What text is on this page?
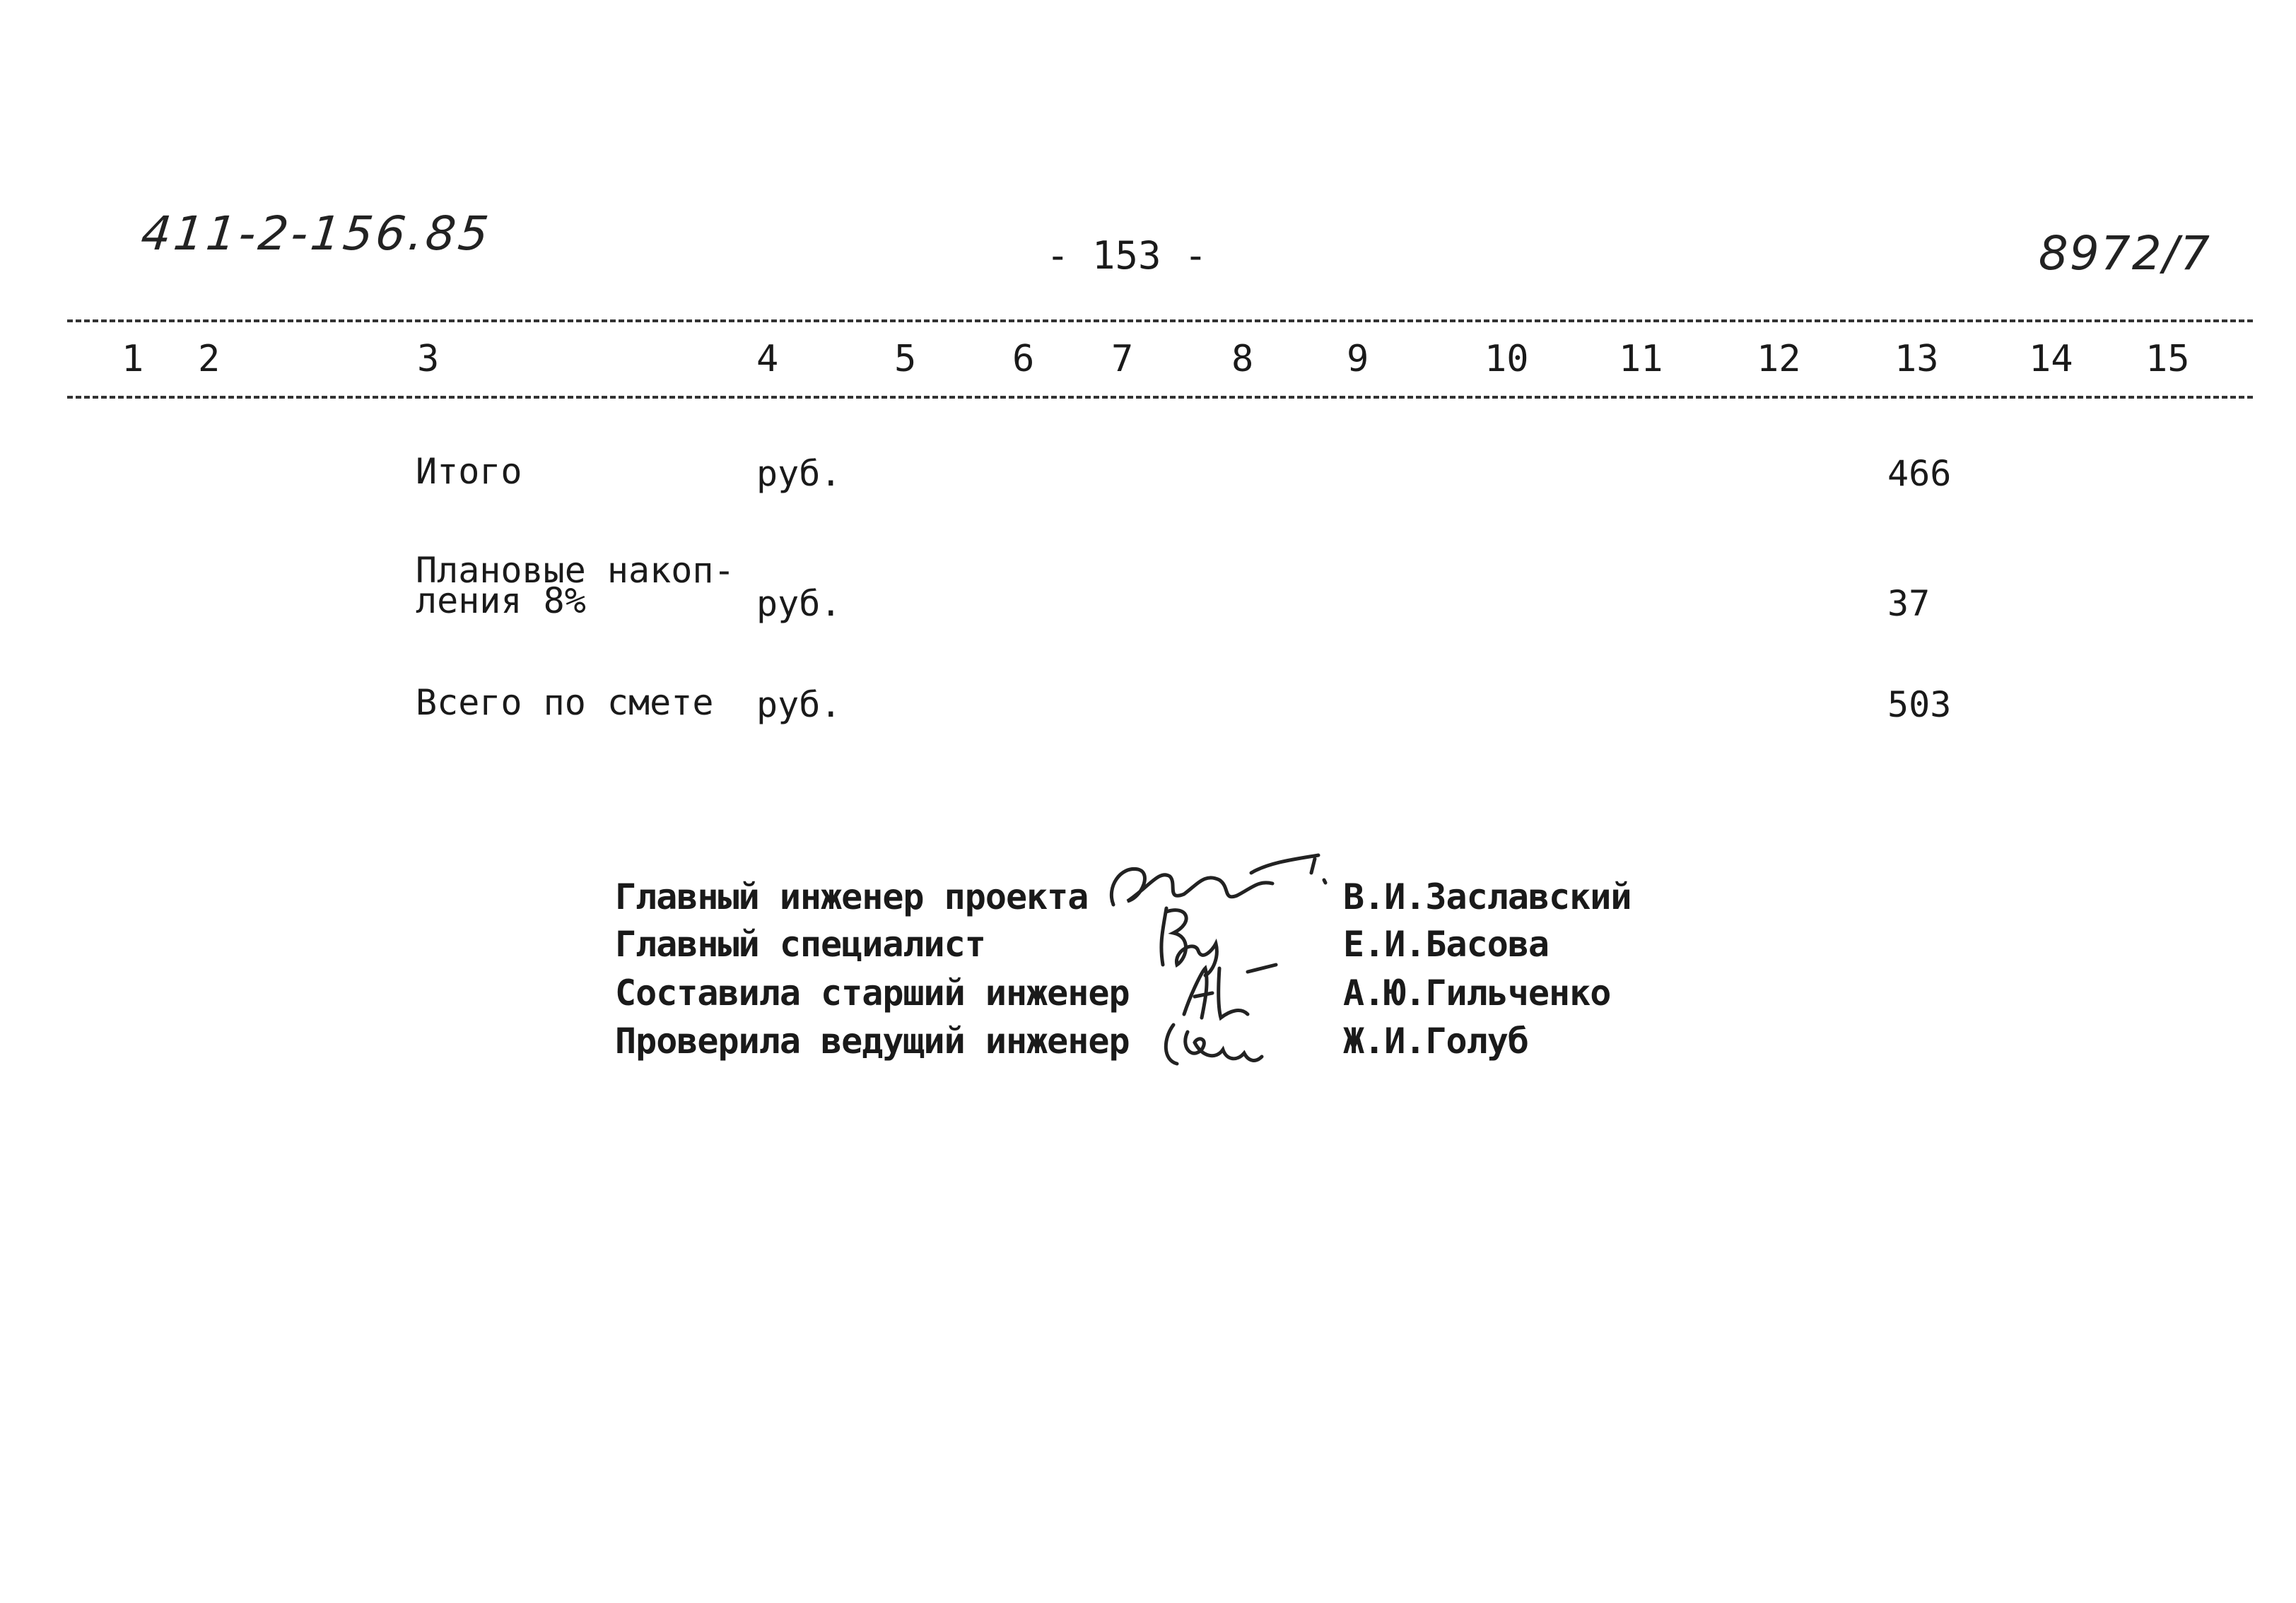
411-2-156.85	- 153 -	8972/7
1 2	3	4	5	6 7	8	9	10 11	12	13 14 15
Итого	руб.	466
Плановые накоп-
ления 8%	руб.	37
Всего по смете руб.	503
Главный инженер проекта	В.И.Заславский
Главный специалист	Е.И.Басова
Составила старший инженер	А.Ю.Гильченко
Проверила ведущий инженер	Ж.И.Голуб
